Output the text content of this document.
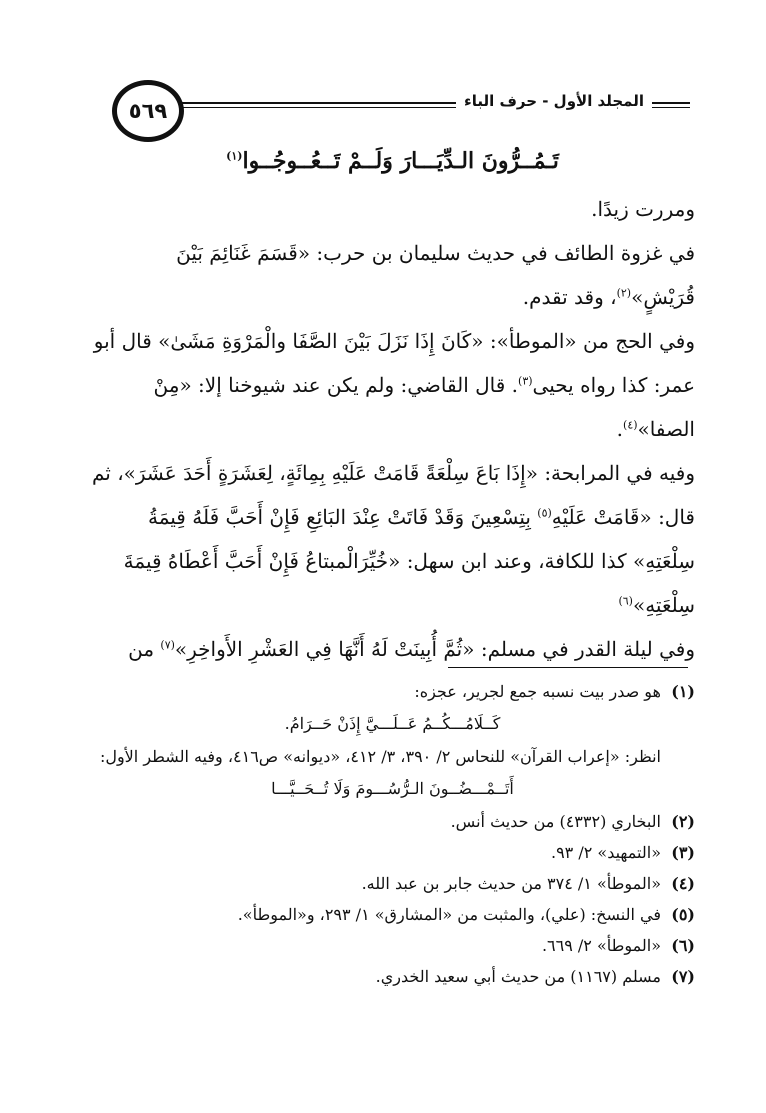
٥٦٩	المجلد الأول - حرف الباء

تَـمُــرُّونَ الـدِّيَـــارَ وَلَــمْ تَــعُــوجُــوا$^{(١)}$

ومررت زيدًا.

في غزوة الطائف في حديث سليمان بن حرب: «قَسَمَ غَنَائِمَ بَيْنَ قُرَيْشٍ»$^{(٢)}$، وقد تقدم.

وفي الحج من «الموطأ»: «كَانَ إِذَا نَزَلَ بَيْنَ الصَّفَا والْمَرْوَةِ مَشَىٰ» قال أبو عمر: كذا رواه يحيى$^{(٣)}$. قال القاضي: ولم يكن عند شيوخنا إلا: «مِنْ الصفا»$^{(٤)}$.

وفيه في المرابحة: «إِذَا بَاعَ سِلْعَةً قَامَتْ عَلَيْهِ بِمِائَةٍ، لِعَشَرَةٍ أَحَدَ عَشَرَ»، ثم قال: «قَامَتْ عَلَيْهِ$^{(٥)}$ بِتِسْعِينَ وَقَدْ فَاتَتْ عِنْدَ البَائِعِ فَإِنْ أَحَبَّ فَلَهُ قِيمَةُ سِلْعَتِهِ» كذا للكافة، وعند ابن سهل: «خُيِّرَالْمبتاعُ فَإِنْ أَحَبَّ أَعْطَاهُ قِيمَةَ سِلْعَتِهِ»$^{(٦)}$

وفي ليلة القدر في مسلم: «ثُمَّ أُبِينَتْ لَهُ أَنَّهَا فِي العَشْرِ الأَواخِرِ»$^{(٧)}$ من

(١)
هو صدر بيت نسبه جمع لجرير، عجزه:
كَــلَامُـــكُــمُ عَــلَـــيَّ إِذَنْ حَــرَامُ.
انظر: «إعراب القرآن» للنحاس ٢/ ٣٩٠، ٣/ ٤١٢، «ديوانه» ص٤١٦، وفيه الشطر الأول:
أَتَــمْـــضُــونَ الـرُّسُـــومَ وَلَا تُــحَــيَّـــا
(٢)
البخاري (٤٣٣٢) من حديث أنس.
(٣)
«التمهيد» ٢/ ٩٣.
(٤)
«الموطأ» ١/ ٣٧٤ من حديث جابر بن عبد الله.
(٥)
في النسخ: (علي)، والمثبت من «المشارق» ١/ ٢٩٣، و«الموطأ».
(٦)
«الموطأ» ٢/ ٦٦٩.
(٧)
مسلم (١١٦٧) من حديث أبي سعيد الخدري.
